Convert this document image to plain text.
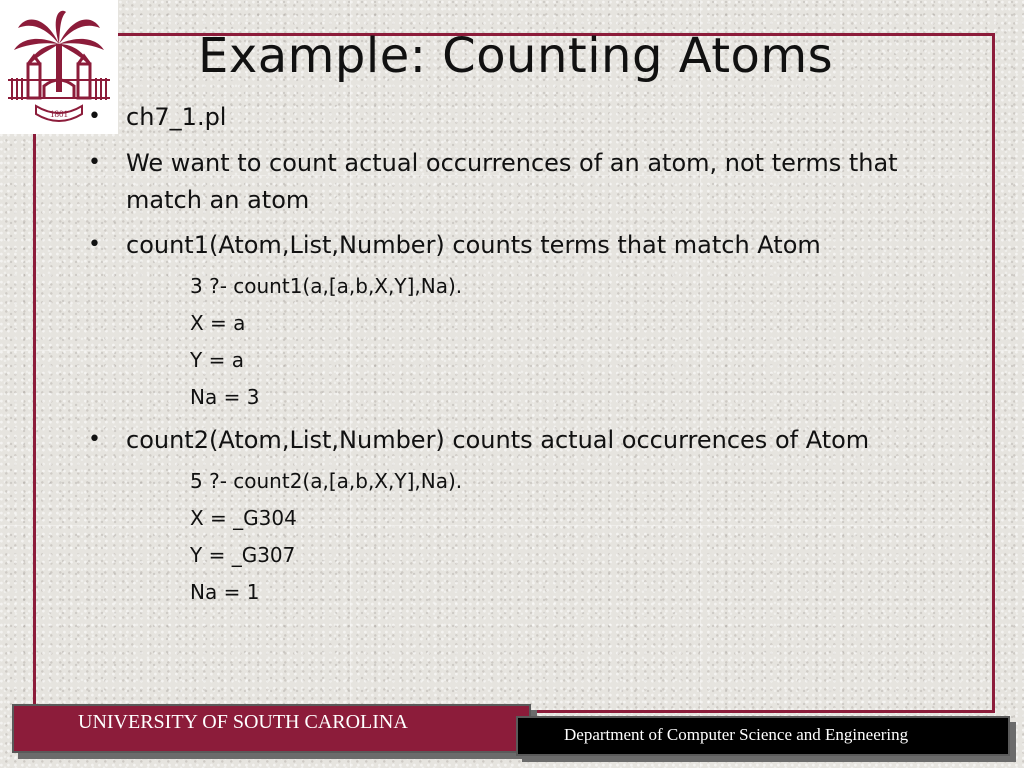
1801
Example: Counting Atoms
• ch7_1.pl
• We want to count actual occurrences of an atom, not terms that
match an atom
• count1(Atom,List,Number) counts terms that match Atom
3 ?- count1(a,[a,b,X,Y],Na).
X = a
Y = a
Na = 3
• count2(Atom,List,Number) counts actual occurrences of Atom
5 ?- count2(a,[a,b,X,Y],Na).
X = _G304
Y = _G307
Na = 1
UNIVERSITY OF SOUTH CAROLINA
Department of Computer Science and Engineering
